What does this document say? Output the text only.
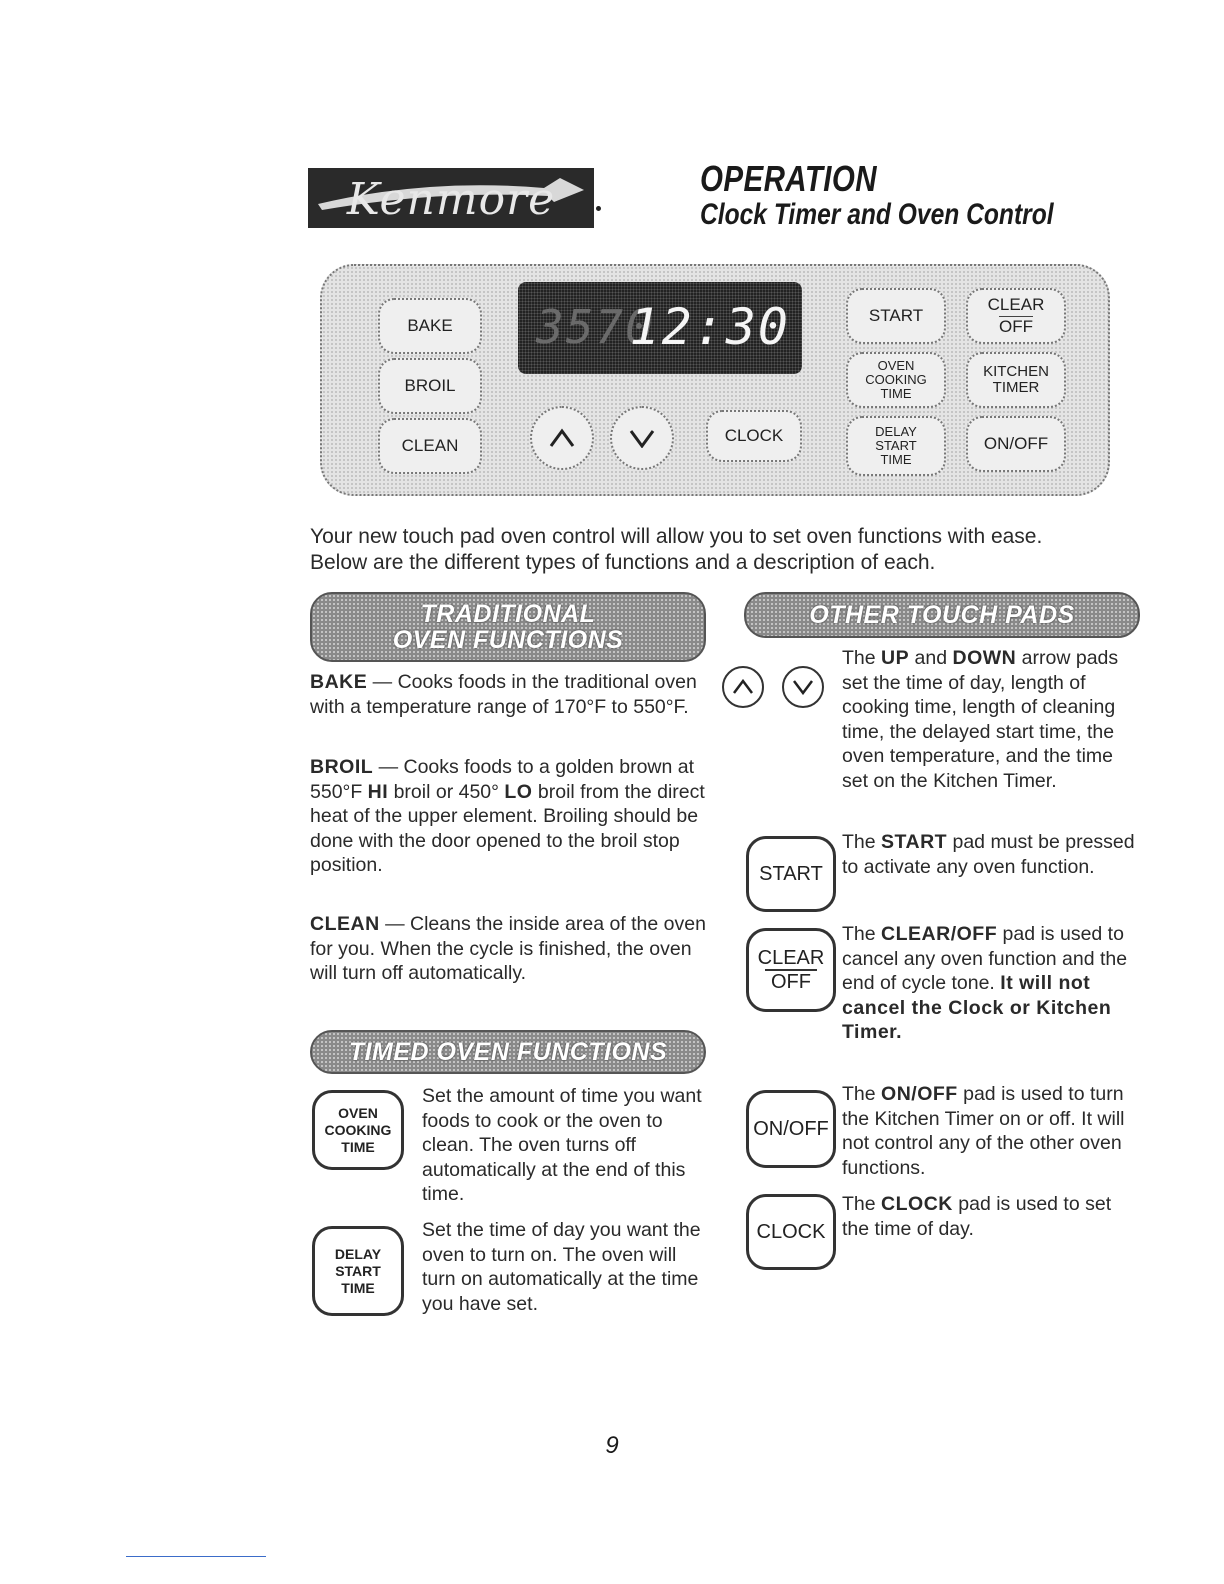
Kenmore	OPERATION
Clock Timer and Oven Control
BAKE
BROIL
CLEAN
3570
12:30
CLOCK
START
CLEAR
OFF
OVEN
COOKING
TIME
KITCHEN
TIMER
DELAY
START
TIME
ON/OFF
Your new touch pad oven control will allow you to set oven functions with ease.
Below are the different types of functions and a description of each.
TRADITIONAL
OVEN FUNCTIONS
BAKE — Cooks foods in the traditional oven with a temperature range of 170°F to 550°F.
BROIL — Cooks foods to a golden brown at 550°F HI broil or 450° LO broil from the direct heat of the upper element. Broiling should be done with the door opened to the broil stop position.
CLEAN — Cleans the inside area of the oven for you. When the cycle is finished, the oven will turn off automatically.
TIMED OVEN FUNCTIONS
OVEN
COOKING
TIME
Set the amount of time you want foods to cook or the oven to clean. The oven turns off automatically at the end of this time.
DELAY
START
TIME
Set the time of day you want the oven to turn on. The oven will turn on automatically at the time you have set.
OTHER TOUCH PADS
The UP and DOWN arrow pads set the time of day, length of cooking time, length of cleaning time, the delayed start time, the oven temperature, and the time set on the Kitchen Timer.
START
The START pad must be pressed to activate any oven function.
CLEAR
OFF
The CLEAR/OFF pad is used to cancel any oven function and the end of cycle tone. It will not cancel the Clock or Kitchen Timer.
ON/OFF
The ON/OFF pad is used to turn the Kitchen Timer on or off. It will not control any of the other oven functions.
CLOCK
The CLOCK pad is used to set the time of day.
9
